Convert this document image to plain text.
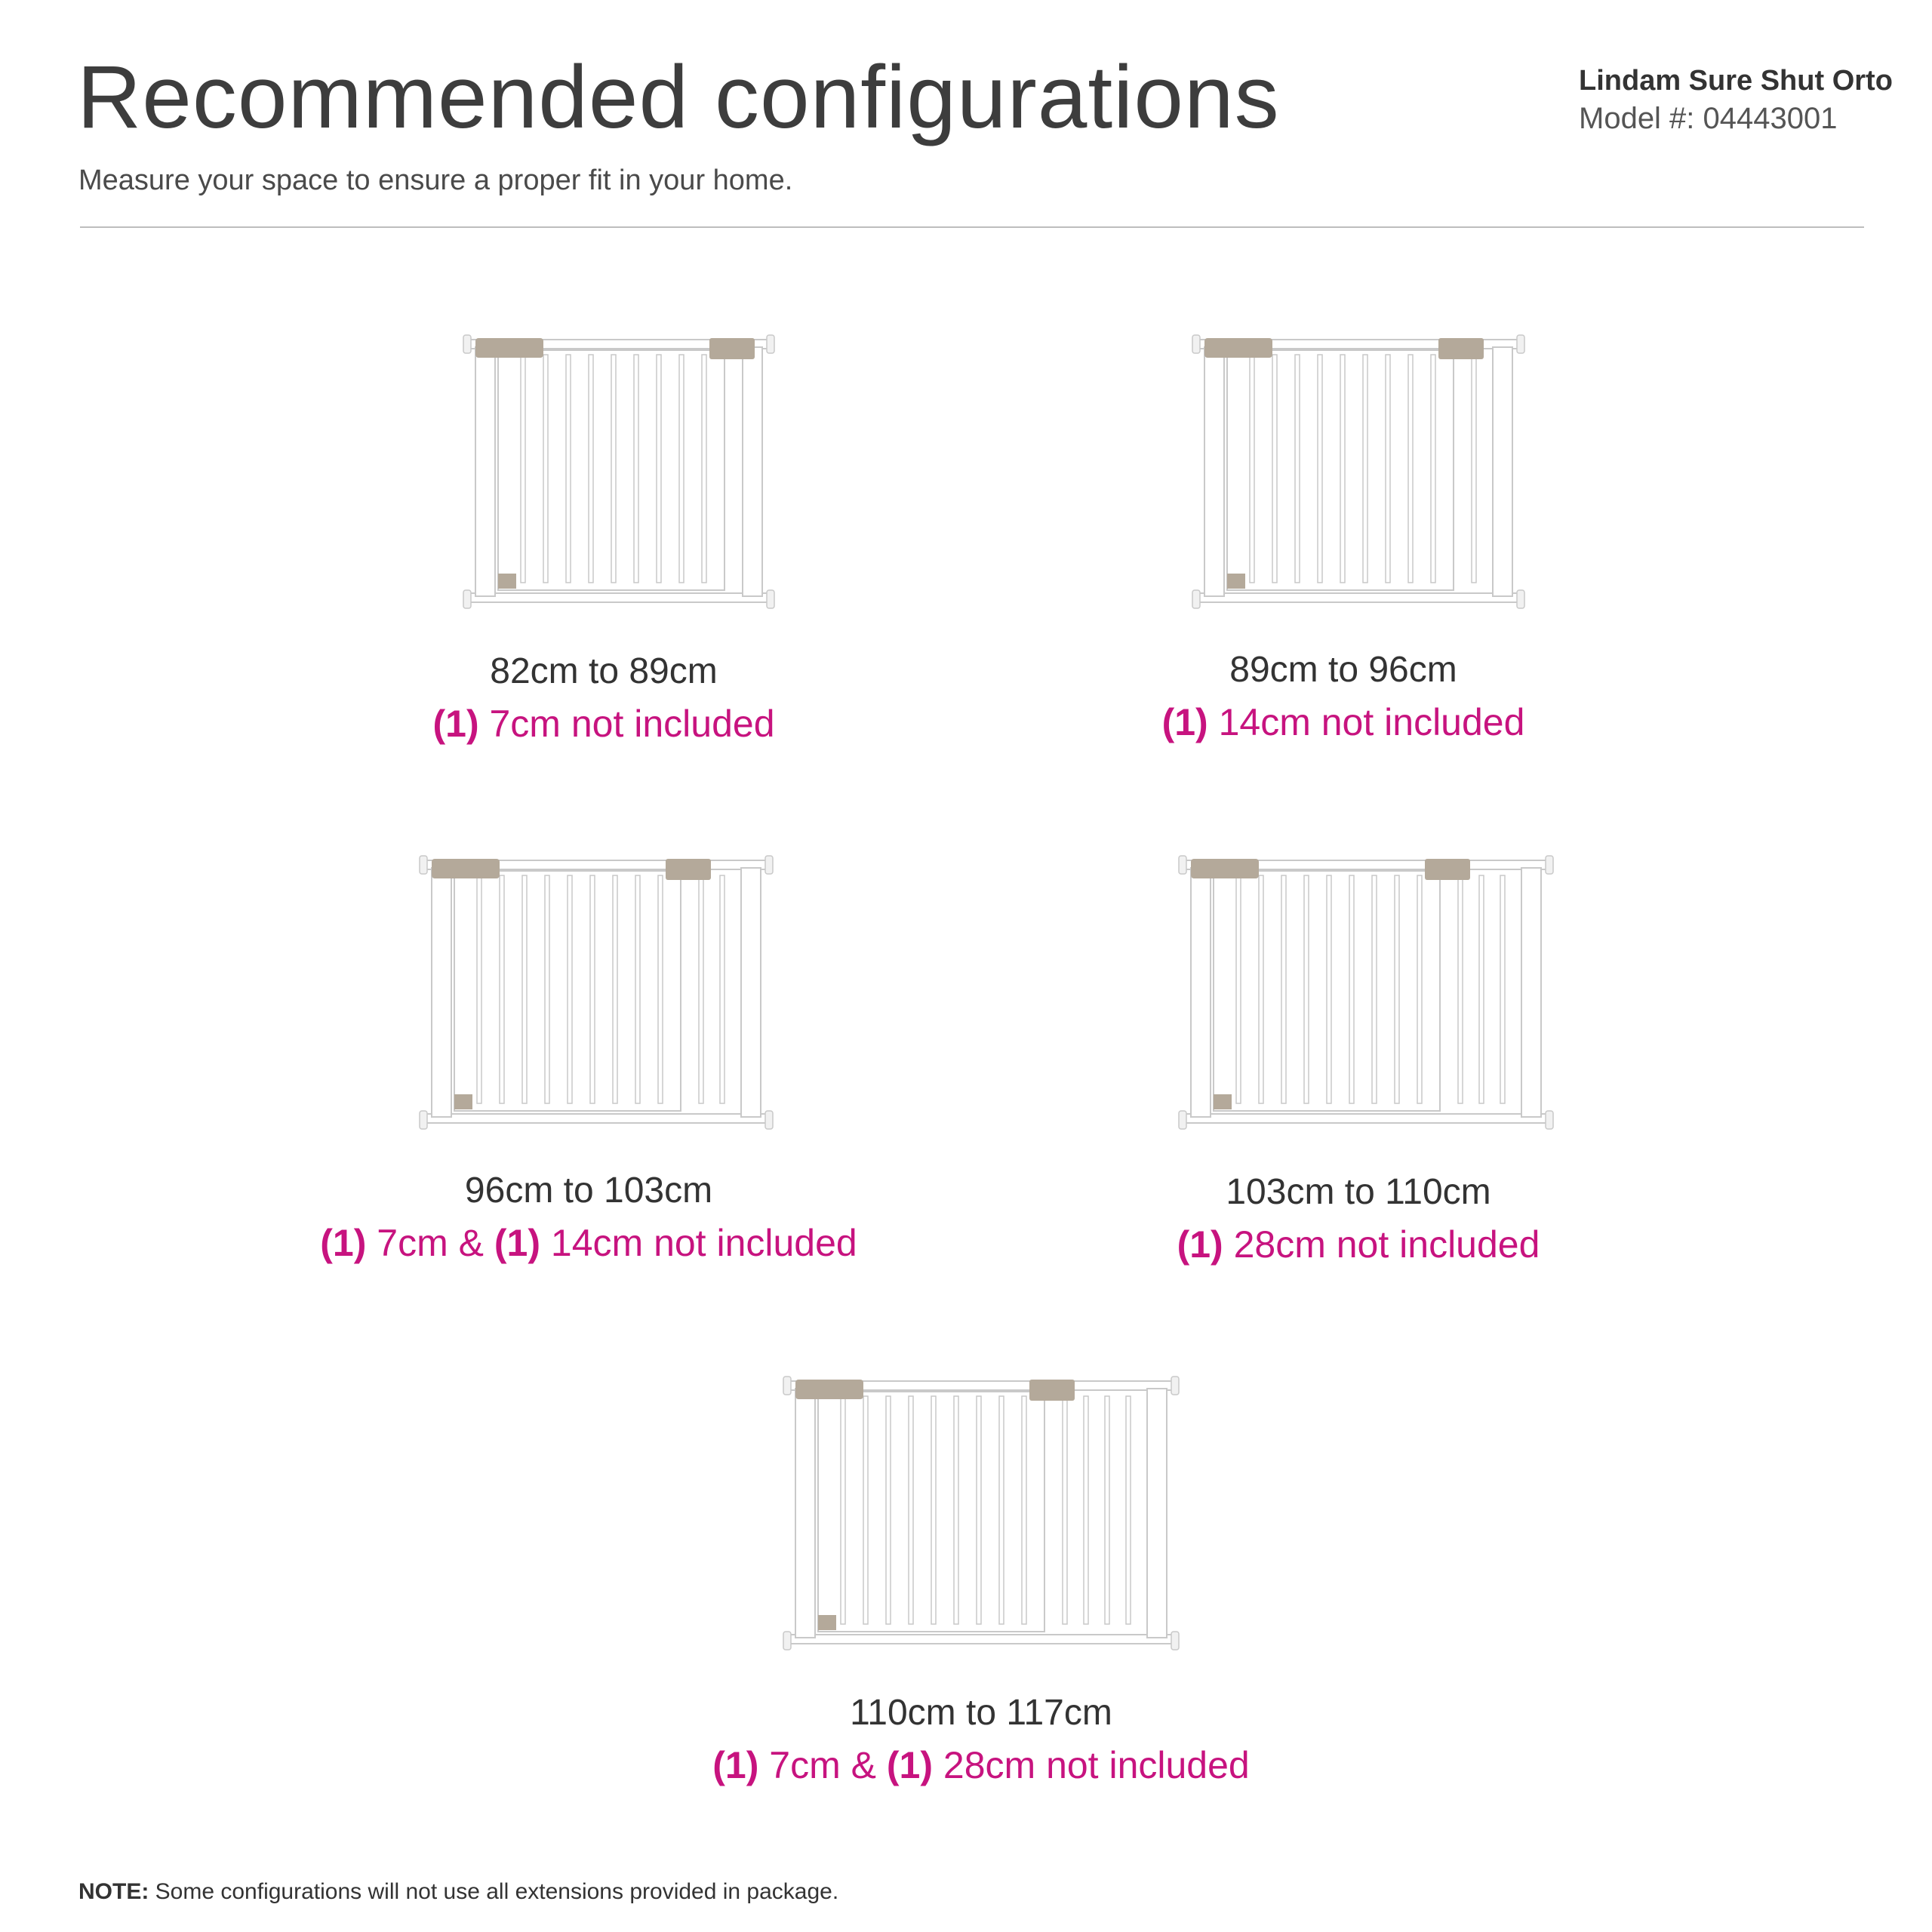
Recommended configurations
Measure your space to ensure a proper fit in your home.
Lindam Sure Shut Orto
Model #: 04443001
82cm to 89cm
(1) 7cm not included
89cm to 96cm
(1) 14cm not included
96cm to 103cm
(1) 7cm & (1) 14cm not included
103cm to 110cm
(1) 28cm not included
110cm to 117cm
(1) 7cm & (1) 28cm not included
NOTE: Some configurations will not use all extensions provided in package.
